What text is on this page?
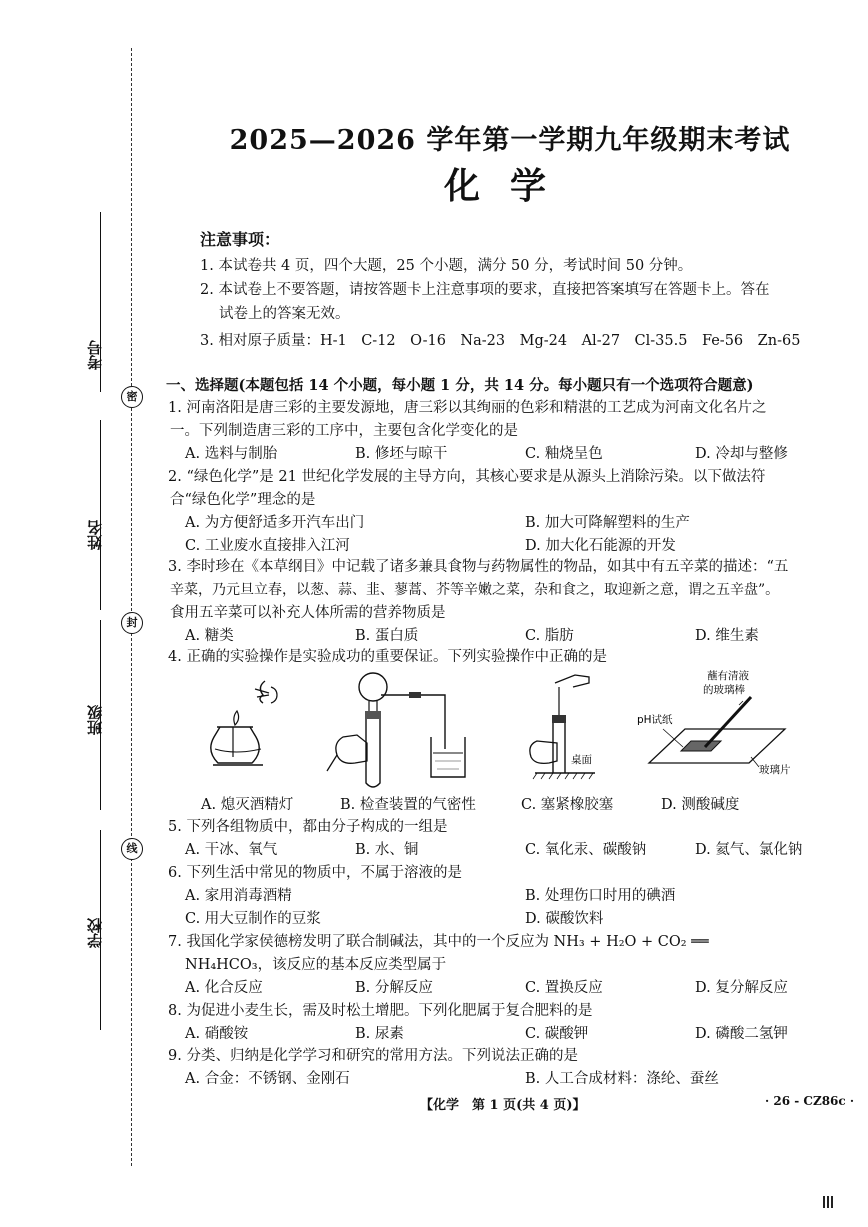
考号
姓名
班级
学校
密
封
线
2025—2026 学年第一学期九年级期末考试
化学
注意事项：

1. 本试卷共 4 页，四个大题，25 个小题，满分 50 分，考试时间 50 分钟。

2. 本试卷上不要答题，请按答题卡上注意事项的要求，直接把答案填写在答题卡上。答在

试卷上的答案无效。

3. 相对原子质量：H-1　C-12　O-16　Na-23　Mg-24　Al-27　Cl-35.5　Fe-56　Zn-65

一、选择题(本题包括 14 个小题，每小题 1 分，共 14 分。每小题只有一个选项符合题意)

1. 河南洛阳是唐三彩的主要发源地，唐三彩以其绚丽的色彩和精湛的工艺成为河南文化名片之

一。下列制造唐三彩的工序中，主要包含化学变化的是

A. 选料与制胎	B. 修坯与晾干	C. 釉烧呈色	D. 冷却与整修

2. “绿色化学”是 21 世纪化学发展的主导方向，其核心要求是从源头上消除污染。以下做法符

合“绿色化学”理念的是

A. 为方便舒适多开汽车出门	B. 加大可降解塑料的生产
C. 工业废水直接排入江河	D. 加大化石能源的开发

3. 李时珍在《本草纲目》中记载了诸多兼具食物与药物属性的物品，如其中有五辛菜的描述：“五

辛菜，乃元旦立春，以葱、蒜、韭、蓼蒿、芥等辛嫩之菜，杂和食之，取迎新之意，谓之五辛盘”。

食用五辛菜可以补充人体所需的营养物质是

A. 糖类	B. 蛋白质	C. 脂肪	D. 维生素

4. 正确的实验操作是实验成功的重要保证。下列实验操作中正确的是

桌面
蘸有清液
的玻璃棒
pH试纸
玻璃片
A. 熄灭酒精灯	B. 检查装置的气密性	C. 塞紧橡胶塞	D. 测酸碱度

5. 下列各组物质中，都由分子构成的一组是

A. 干冰、氧气	B. 水、铜	C. 氧化汞、碳酸钠	D. 氦气、氯化钠

6. 下列生活中常见的物质中，不属于溶液的是

A. 家用消毒酒精	B. 处理伤口时用的碘酒
C. 用大豆制作的豆浆	D. 碳酸饮料

7. 我国化学家侯德榜发明了联合制碱法，其中的一个反应为 NH₃ + H₂O + CO₂ ══

NH₄HCO₃，该反应的基本反应类型属于

A. 化合反应	B. 分解反应	C. 置换反应	D. 复分解反应

8. 为促进小麦生长，需及时松土增肥。下列化肥属于复合肥料的是

A. 硝酸铵	B. 尿素	C. 碳酸钾	D. 磷酸二氢钾

9. 分类、归纳是化学学习和研究的常用方法。下列说法正确的是

A. 合金：不锈钢、金刚石	B. 人工合成材料：涤纶、蚕丝
【化学　第 1 页(共 4 页)】	· 26 - CZ86c ·
